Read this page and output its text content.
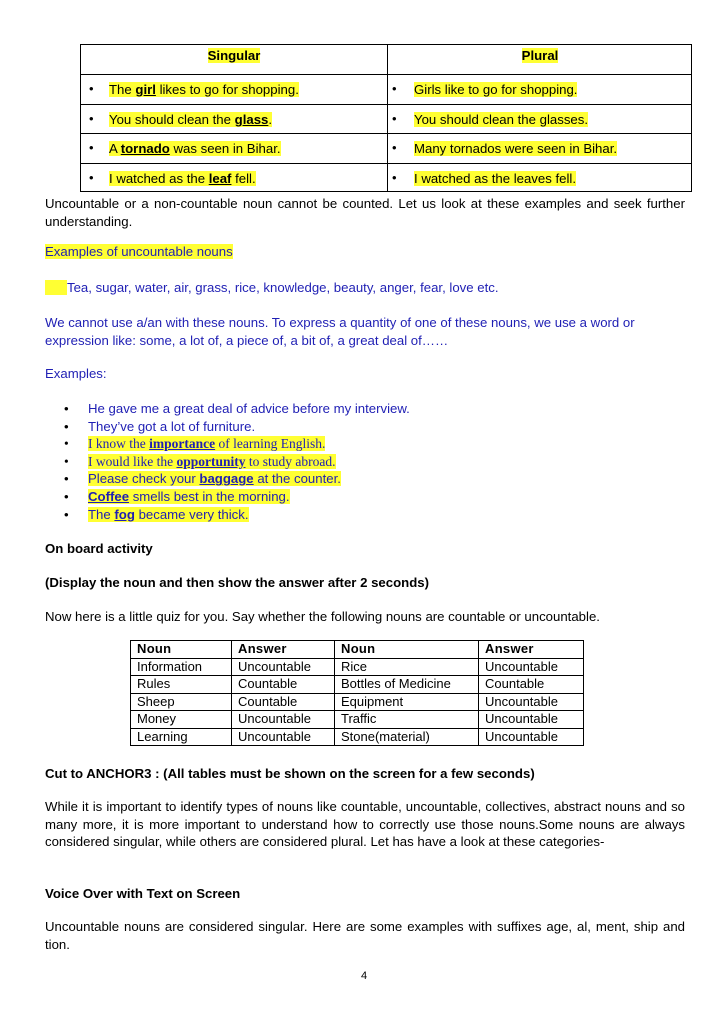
Singular	Plural
• The girl likes to go for shopping.	• Girls like to go for shopping.
• You should clean the glass.	• You should clean the glasses.
• A tornado was seen in Bihar.	• Many tornados were seen in Bihar.
• I watched as the leaf fell.	• I watched as the leaves fell.
Uncountable or a non-countable noun cannot be counted. Let us look at these examples and seek further understanding.
Examples of uncountable nouns
Tea, sugar, water, air, grass, rice, knowledge, beauty, anger, fear, love etc.
We cannot use a/an with these nouns. To express a quantity of one of these nouns, we use a word or expression like: some, a lot of, a piece of, a bit of, a great deal of……
Examples:
• He gave me a great deal of advice before my interview.
• They’ve got a lot of furniture.
• I know the importance of learning English.
• I would like the opportunity to study abroad.
• Please check your baggage at the counter.
• Coffee smells best in the morning.
• The fog became very thick.
On board activity
(Display the noun and then show the answer after 2 seconds)
Now here is a little quiz for you. Say whether the following nouns are countable or uncountable.
Noun	Answer	Noun	Answer
Information	Uncountable	Rice	Uncountable
Rules	Countable	Bottles of Medicine	Countable
Sheep	Countable	Equipment	Uncountable
Money	Uncountable	Traffic	Uncountable
Learning	Uncountable	Stone(material)	Uncountable
Cut to ANCHOR3 : (All tables must be shown on the screen for a few seconds)
While it is important to identify types of nouns like countable, uncountable, collectives, abstract nouns and so many more, it is more important to understand how to correctly use those nouns.Some nouns are always considered singular, while others are considered plural. Let has have a look at these categories-
Voice Over with Text on Screen
Uncountable nouns are considered singular. Here are some examples with suffixes age, al, ment, ship and tion.
4
